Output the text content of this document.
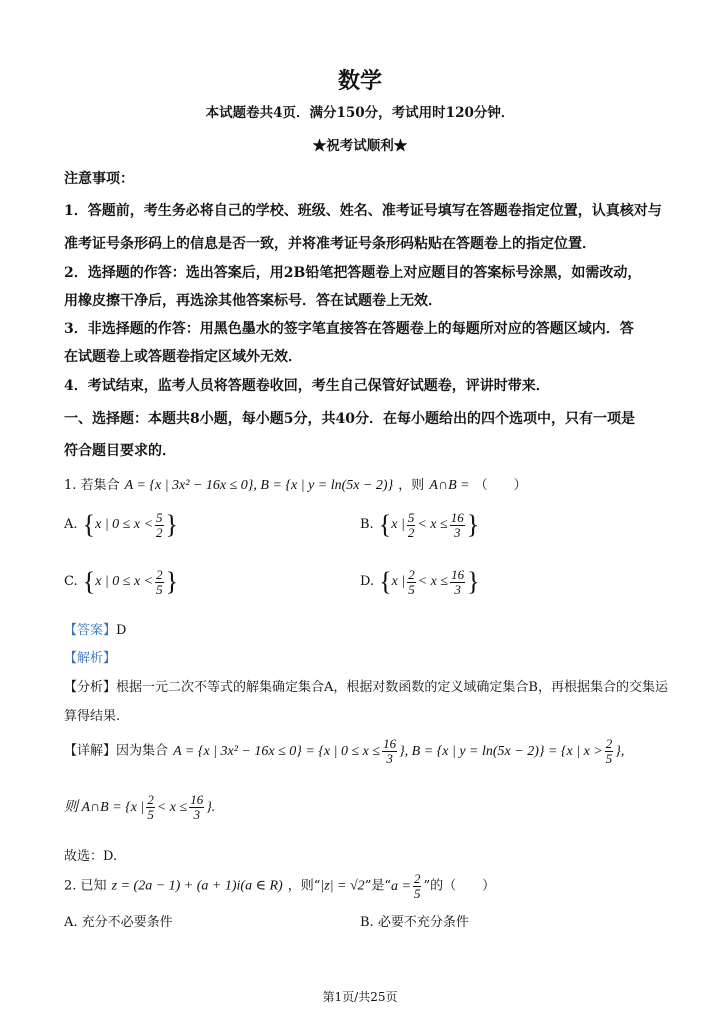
数学
本试题卷共4页．满分150分，考试用时120分钟．
★祝考试顺利★
注意事项：
1．答题前，考生务必将自己的学校、班级、姓名、准考证号填写在答题卷指定位置，认真核对与
准考证号条形码上的信息是否一致，并将准考证号条形码粘贴在答题卷上的指定位置．
2．选择题的作答：选出答案后，用2B铅笔把答题卷上对应题目的答案标号涂黑，如需改动，
用橡皮擦干净后，再选涂其他答案标号．答在试题卷上无效．
3．非选择题的作答：用黑色墨水的签字笔直接答在答题卷上的每题所对应的答题区域内．答
在试题卷上或答题卷指定区域外无效．
4．考试结束，监考人员将答题卷收回，考生自己保管好试题卷，评讲时带来．
一、选择题：本题共8小题，每小题5分，共40分．在每小题给出的四个选项中，只有一项是
符合题目要求的．
1. 若集合 A = {x | 3x² − 16x ≤ 0}, B = {x | y = ln(5x − 2)} ，则 A∩B = （　　）
A. {x | $0 \le x < \frac{5}{2}$ }	B. {x | $\frac{5}{2} < x \le \frac{16}{3}$ }
C. {x | $0 \le x < \frac{2}{5}$ }	D. {x | $\frac{2}{5} < x \le \frac{16}{3}$ }
【答案】D
【解析】
【分析】根据一元二次不等式的解集确定集合A，根据对数函数的定义域确定集合B，再根据集合的交集运
算得结果.
【详解】因为集合 A = {x | 3x² − 16x ≤ 0} = {x | $0 \le x \le \frac{16}{3}$ }, B = {x | y = ln(5x − 2)} = {x | $x > \frac{2}{5}$ },
则 A∩B = {x | $\frac{2}{5} < x \le \frac{16}{3}$ }.
故选：D.
2. 已知 z = (2a − 1) + (a + 1)i(a ∈ R) ，则“|z| = √2”是“$a = \frac{2}{5}$ ”的（　　）
A. 充分不必要条件	B. 必要不充分条件
第1页/共25页
